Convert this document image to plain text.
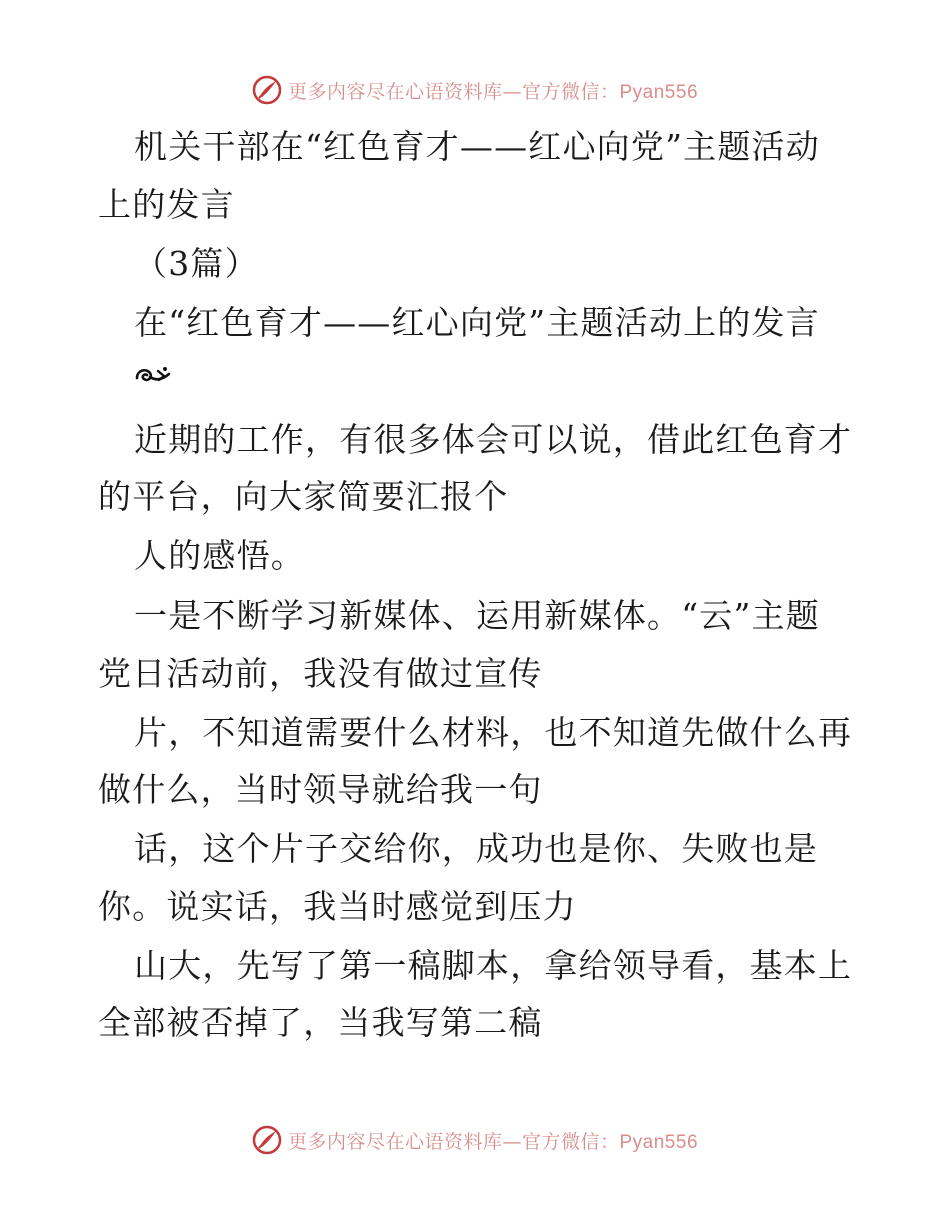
更多内容尽在心语资料库—官方微信：Pyan556
机关干部在“红色育才——红心向党”主题活动
上的发言
（3篇）
在“红色育才——红心向党”主题活动上的发言
近期的工作，有很多体会可以说，借此红色育才
的平台，向大家简要汇报个
人的感悟。
一是不断学习新媒体、运用新媒体。“云”主题
党日活动前，我没有做过宣传
片，不知道需要什么材料，也不知道先做什么再
做什么，当时领导就给我一句
话，这个片子交给你，成功也是你、失败也是
你。说实话，我当时感觉到压力
山大，先写了第一稿脚本，拿给领导看，基本上
全部被否掉了，当我写第二稿
更多内容尽在心语资料库—官方微信：Pyan556
